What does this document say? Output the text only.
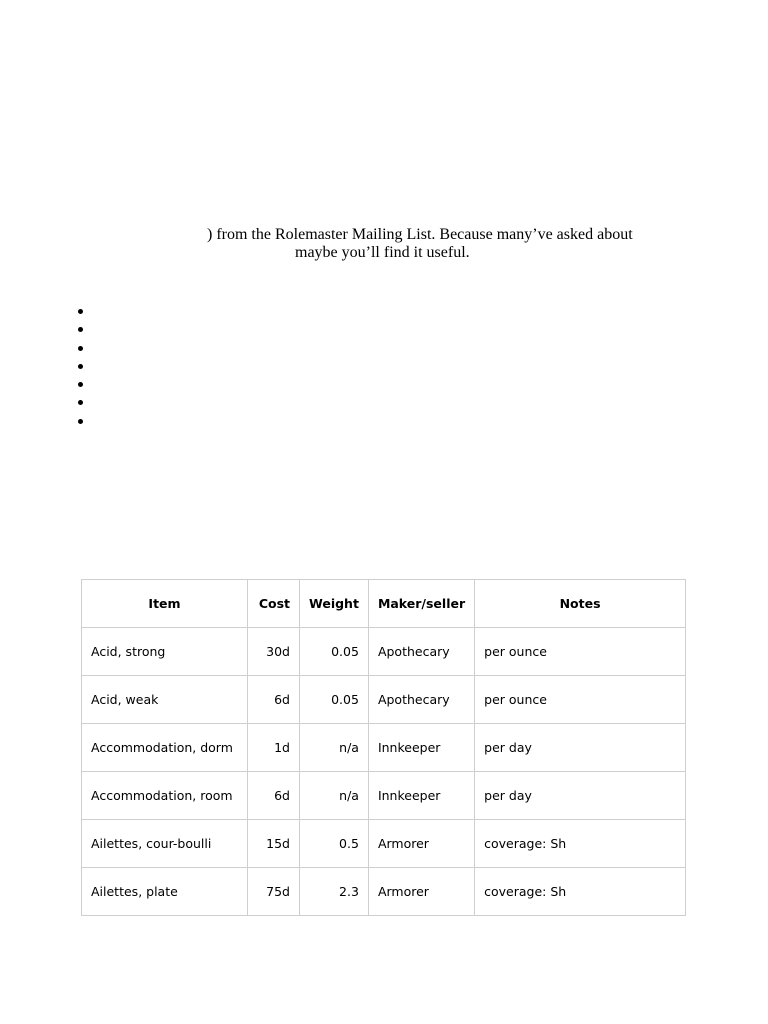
) from the Rolemaster Mailing List. Because many’ve asked about
maybe you’ll find it useful.
Item	Cost	Weight	Maker/seller	Notes
Acid, strong	30d	0.05	Apothecary	per ounce
Acid, weak	6d	0.05	Apothecary	per ounce
Accommodation, dorm	1d	n/a	Innkeeper	per day
Accommodation, room	6d	n/a	Innkeeper	per day
Ailettes, cour-boulli	15d	0.5	Armorer	coverage: Sh
Ailettes, plate	75d	2.3	Armorer	coverage: Sh
